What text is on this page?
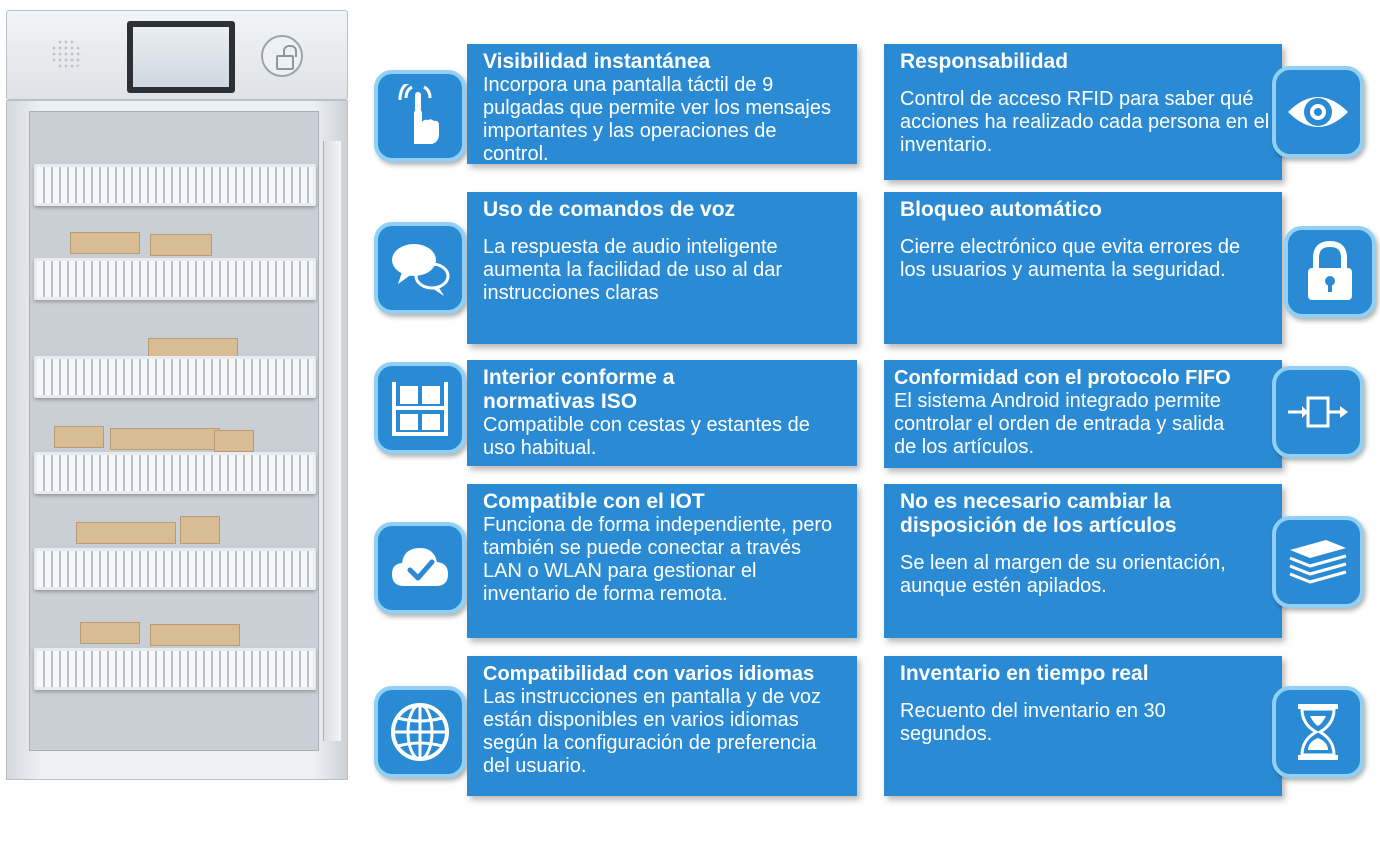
Visibilidad instantánea
Incorpora una pantalla táctil de 9 pulgadas que permite ver los mensajes importantes y las operaciones de control.
Uso de comandos de voz
La respuesta de audio inteligente aumenta la facilidad de uso al dar instrucciones claras
Interior conforme a normativas ISO
Compatible con cestas y estantes de uso habitual.
Compatible con el IOT
Funciona de forma independiente, pero también se puede conectar a través LAN o WLAN para gestionar el inventario de forma remota.
Compatibilidad con varios idiomas
Las instrucciones en pantalla y de voz están disponibles en varios idiomas según la configuración de preferencia del usuario.
Responsabilidad
Control de acceso RFID para saber qué acciones ha realizado cada persona en el inventario.
Bloqueo automático
Cierre electrónico que evita errores de los usuarios y aumenta la seguridad.
Conformidad con el protocolo FIFO
El sistema Android integrado permite controlar el orden de entrada y salida de los artículos.
No es necesario cambiar la disposición de los artículos
Se leen al margen de su orientación, aunque estén apilados.
Inventario en tiempo real
Recuento del inventario en 30 segundos.
